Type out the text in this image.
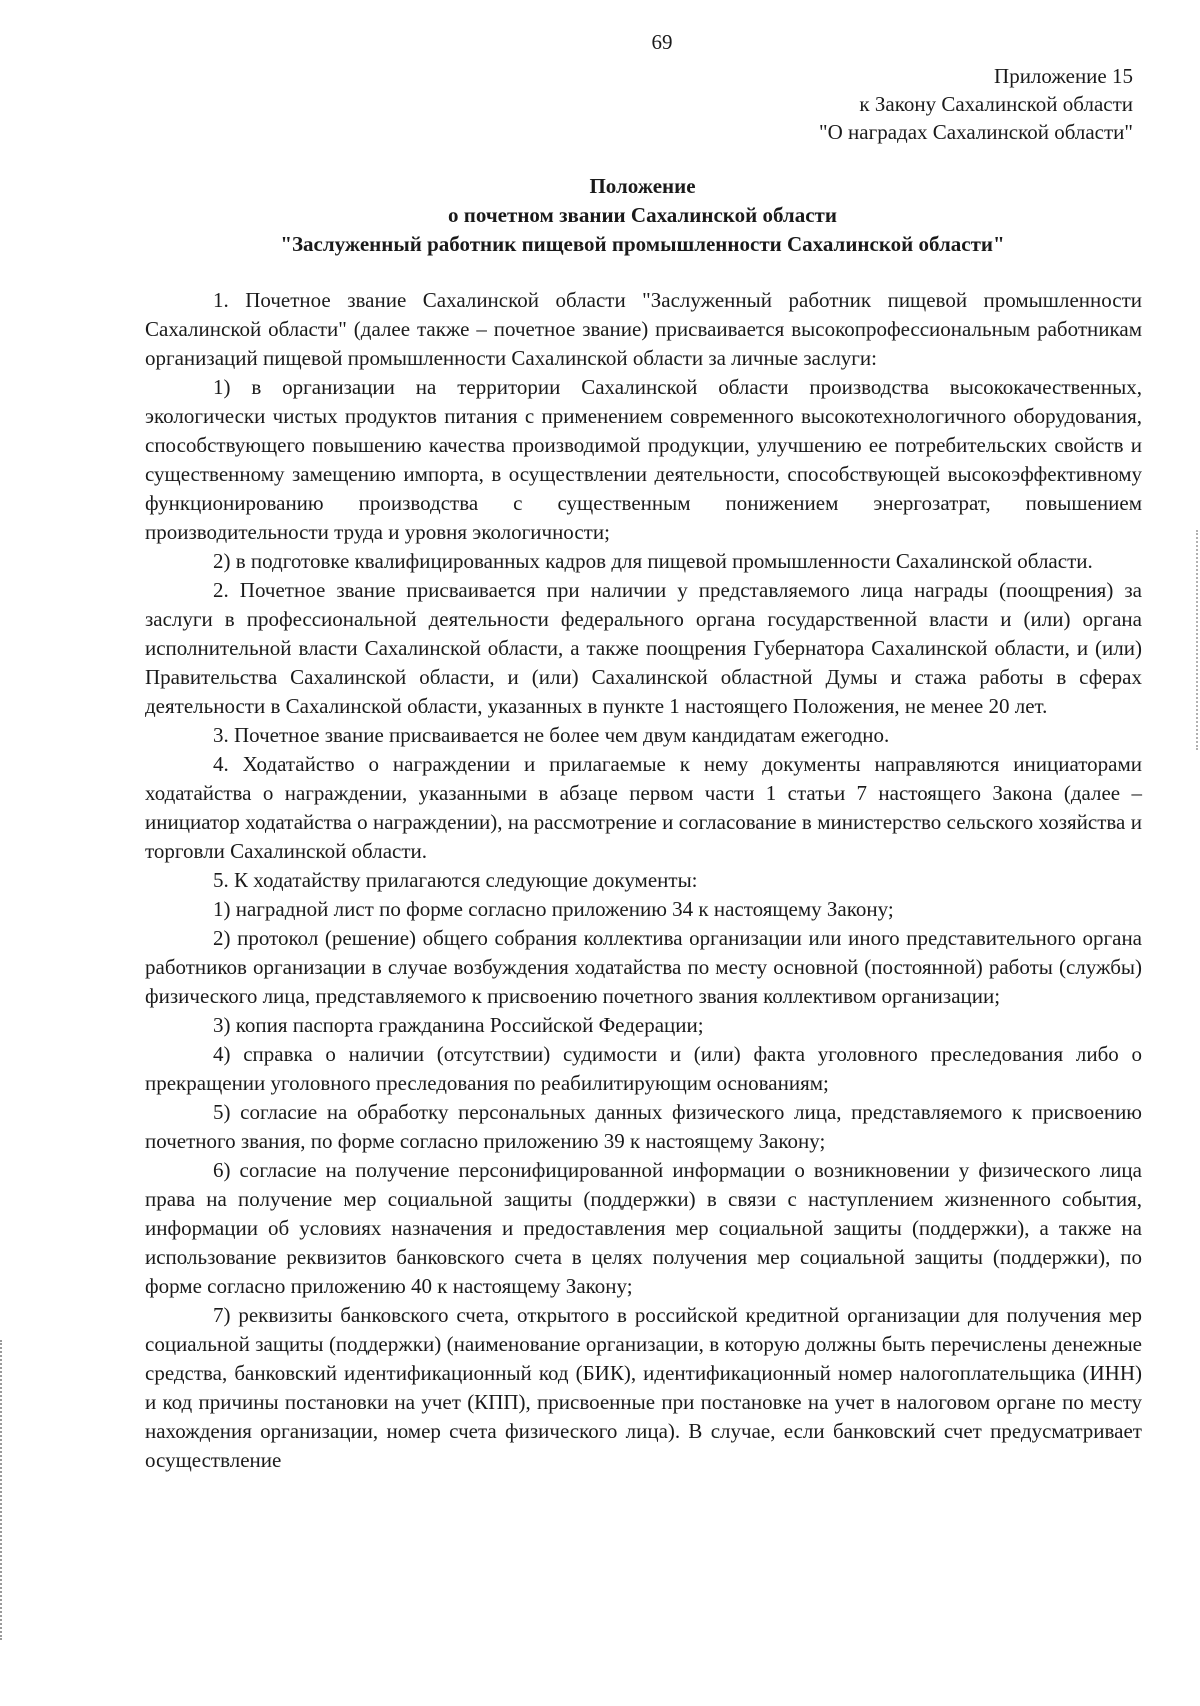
69
Приложение 15
к Закону Сахалинской области
"О наградах Сахалинской области"
Положение
о почетном звании Сахалинской области
"Заслуженный работник пищевой промышленности Сахалинской области"

1. Почетное звание Сахалинской области "Заслуженный работник пищевой промышленности Сахалинской области" (далее также – почетное звание) присваивается высокопрофессиональным работникам организаций пищевой промышленности Сахалинской области за личные заслуги:

1) в организации на территории Сахалинской области производства высококачественных, экологически чистых продуктов питания с применением современного высокотехнологичного оборудования, способствующего повышению качества производимой продукции, улучшению ее потребительских свойств и существенному замещению импорта, в осуществлении деятельности, способствующей высокоэффективному функционированию производства с существенным понижением энергозатрат, повышением производительности труда и уровня экологичности;

2) в подготовке квалифицированных кадров для пищевой промышленности Сахалинской области.

2. Почетное звание присваивается при наличии у представляемого лица награды (поощрения) за заслуги в профессиональной деятельности федерального органа государственной власти и (или) органа исполнительной власти Сахалинской области, а также поощрения Губернатора Сахалинской области, и (или) Правительства Сахалинской области, и (или) Сахалинской областной Думы и стажа работы в сферах деятельности в Сахалинской области, указанных в пункте 1 настоящего Положения, не менее 20 лет.

3. Почетное звание присваивается не более чем двум кандидатам ежегодно.

4. Ходатайство о награждении и прилагаемые к нему документы направляются инициаторами ходатайства о награждении, указанными в абзаце первом части 1 статьи 7 настоящего Закона (далее – инициатор ходатайства о награждении), на рассмотрение и согласование в министерство сельского хозяйства и торговли Сахалинской области.

5. К ходатайству прилагаются следующие документы:

1) наградной лист по форме согласно приложению 34 к настоящему Закону;

2) протокол (решение) общего собрания коллектива организации или иного представительного органа работников организации в случае возбуждения ходатайства по месту основной (постоянной) работы (службы) физического лица, представляемого к присвоению почетного звания коллективом организации;

3) копия паспорта гражданина Российской Федерации;

4) справка о наличии (отсутствии) судимости и (или) факта уголовного преследования либо о прекращении уголовного преследования по реабилитирующим основаниям;

5) согласие на обработку персональных данных физического лица, представляемого к присвоению почетного звания, по форме согласно приложению 39 к настоящему Закону;

6) согласие на получение персонифицированной информации о возникновении у физического лица права на получение мер социальной защиты (поддержки) в связи с наступлением жизненного события, информации об условиях назначения и предоставления мер социальной защиты (поддержки), а также на использование реквизитов банковского счета в целях получения мер социальной защиты (поддержки), по форме согласно приложению 40 к настоящему Закону;

7) реквизиты банковского счета, открытого в российской кредитной организации для получения мер социальной защиты (поддержки) (наименование организации, в которую должны быть перечислены денежные средства, банковский идентификационный код (БИК), идентификационный номер налогоплательщика (ИНН) и код причины постановки на учет (КПП), присвоенные при постановке на учет в налоговом органе по месту нахождения организации, номер счета физического лица). В случае, если банковский счет предусматривает осуществление
